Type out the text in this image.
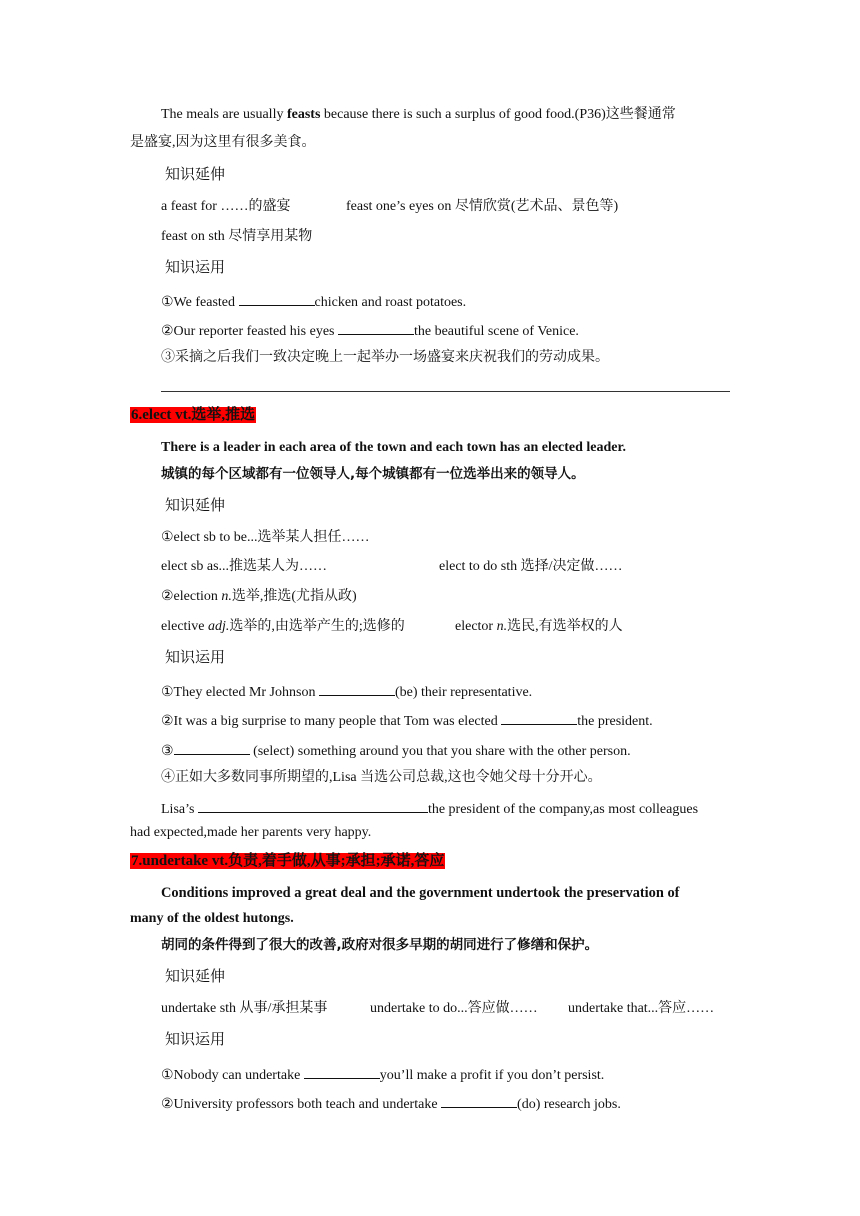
The meals are usually feasts because there is such a surplus of good food.(P36)这些餐通常
是盛宴,因为这里有很多美食。
知识延伸
a feast for ……的盛宴	feast one’s eyes on 尽情欣赏(艺术品、景色等)
feast on sth 尽情享用某物
知识运用
①We feasted	chicken and roast potatoes.
②Our reporter feasted his eyes	the beautiful scene of Venice.
③采摘之后我们一致决定晚上一起举办一场盛宴来庆祝我们的劳动成果。
6.elect vt.选举,推选
There is a leader in each area of the town and each town has an elected leader.
城镇的每个区域都有一位领导人,每个城镇都有一位选举出来的领导人。
知识延伸
①elect sb to be...选举某人担任……
elect sb as...推选某人为……	elect to do sth 选择/决定做……
②election n.选举,推选(尤指从政)
elective adj.选举的,由选举产生的;选修的	elector n.选民,有选举权的人
知识运用
①They elected Mr Johnson	(be) their representative.
②It was a big surprise to many people that Tom was elected	the president.
③	(select) something around you that you share with the other person.
④正如大多数同事所期望的,Lisa 当选公司总裁,这也令她父母十分开心。
Lisa’s	the president of the company,as most colleagues
had expected,made her parents very happy.
7.undertake vt.负责,着手做,从事;承担;承诺,答应
Conditions improved a great deal and the government undertook the preservation of
many of the oldest hutongs.
胡同的条件得到了很大的改善,政府对很多早期的胡同进行了修缮和保护。
知识延伸
undertake sth 从事/承担某事	undertake to do...答应做…… undertake that...答应……
知识运用
①Nobody can undertake	you’ll make a profit if you don’t persist.
②University professors both teach and undertake	(do) research jobs.
